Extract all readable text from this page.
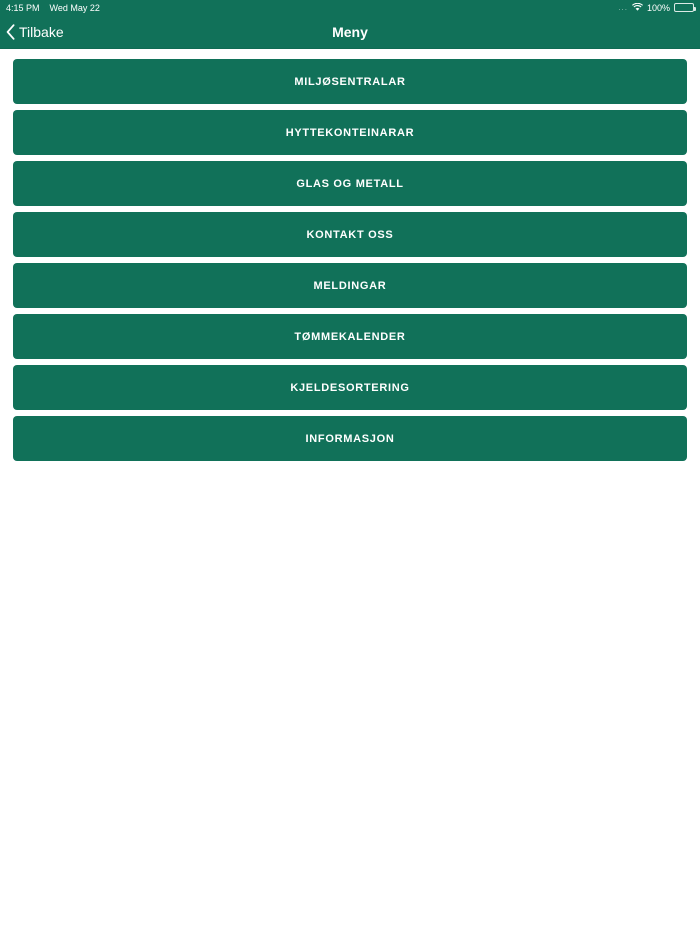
4:15 PM Wed May 22	... 100%
Tilbake	Meny
MILJØSENTRALAR
HYTTEKONTEINARAR
GLAS OG METALL
KONTAKT OSS
MELDINGAR
TØMMEKALENDER
KJELDESORTERING
INFORMASJON
